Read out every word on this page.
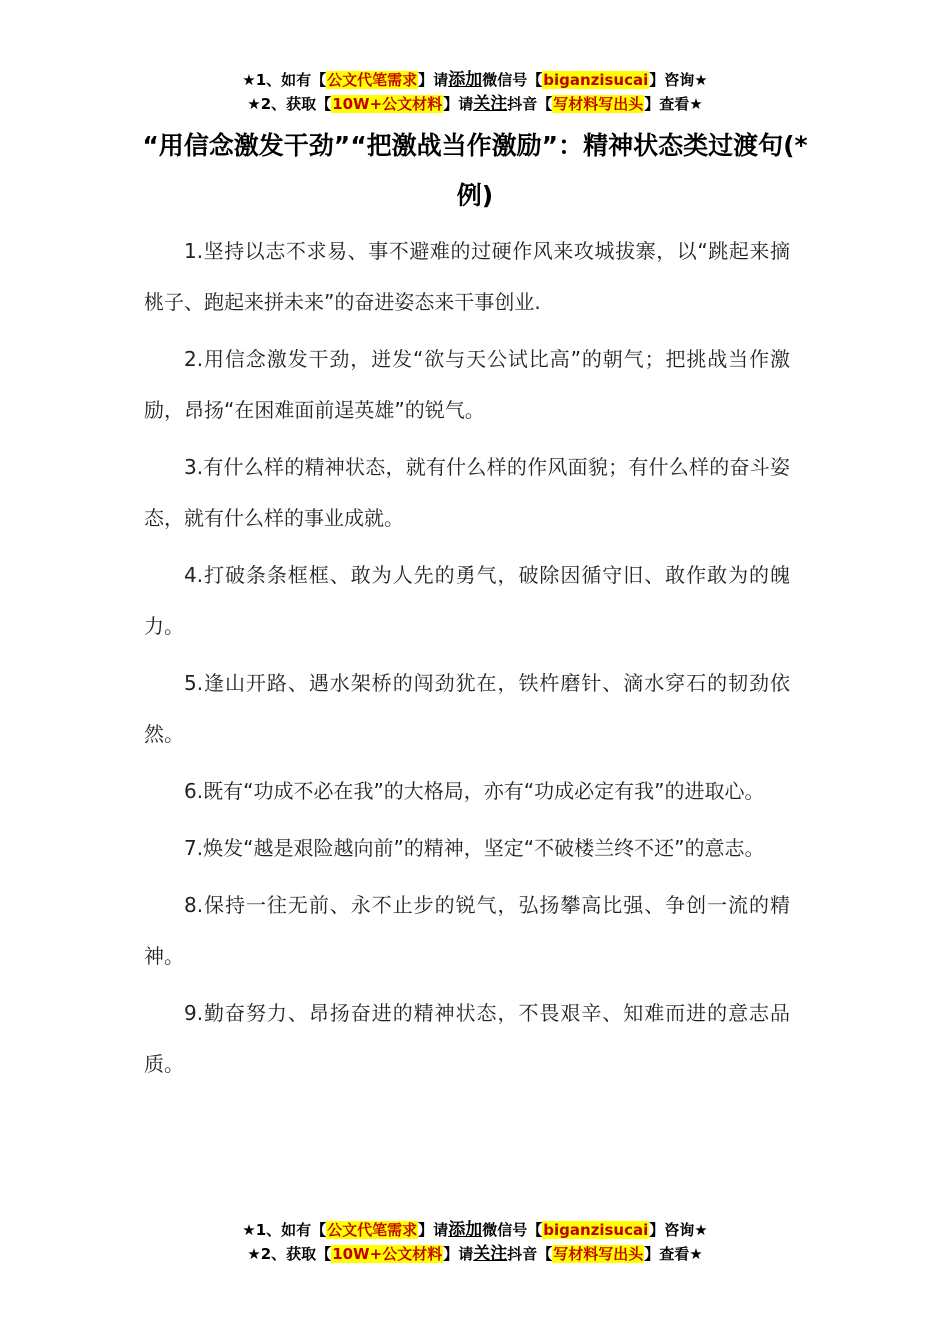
★1、如有【公文代笔需求】请添加微信号【biganzisucai】咨询★
★2、获取【10W+公文材料】请关注抖音【写材料写出头】查看★
“用信念激发干劲”“把激战当作激励”：精神状态类过渡句(*例)

1.坚持以志不求易、事不避难的过硬作风来攻城拔寨，以“跳起来摘桃子、跑起来拼未来”的奋进姿态来干事创业.

2.用信念激发干劲，迸发“欲与天公试比高”的朝气；把挑战当作激励，昂扬“在困难面前逞英雄”的锐气。

3.有什么样的精神状态，就有什么样的作风面貌；有什么样的奋斗姿态，就有什么样的事业成就。

4.打破条条框框、敢为人先的勇气，破除因循守旧、敢作敢为的魄力。

5.逢山开路、遇水架桥的闯劲犹在，铁杵磨针、滴水穿石的韧劲依然。

6.既有“功成不必在我”的大格局，亦有“功成必定有我”的进取心。

7.焕发“越是艰险越向前”的精神，坚定“不破楼兰终不还”的意志。

8.保持一往无前、永不止步的锐气，弘扬攀高比强、争创一流的精神。

9.勤奋努力、昂扬奋进的精神状态，不畏艰辛、知难而进的意志品质。

★1、如有【公文代笔需求】请添加微信号【biganzisucai】咨询★
★2、获取【10W+公文材料】请关注抖音【写材料写出头】查看★
